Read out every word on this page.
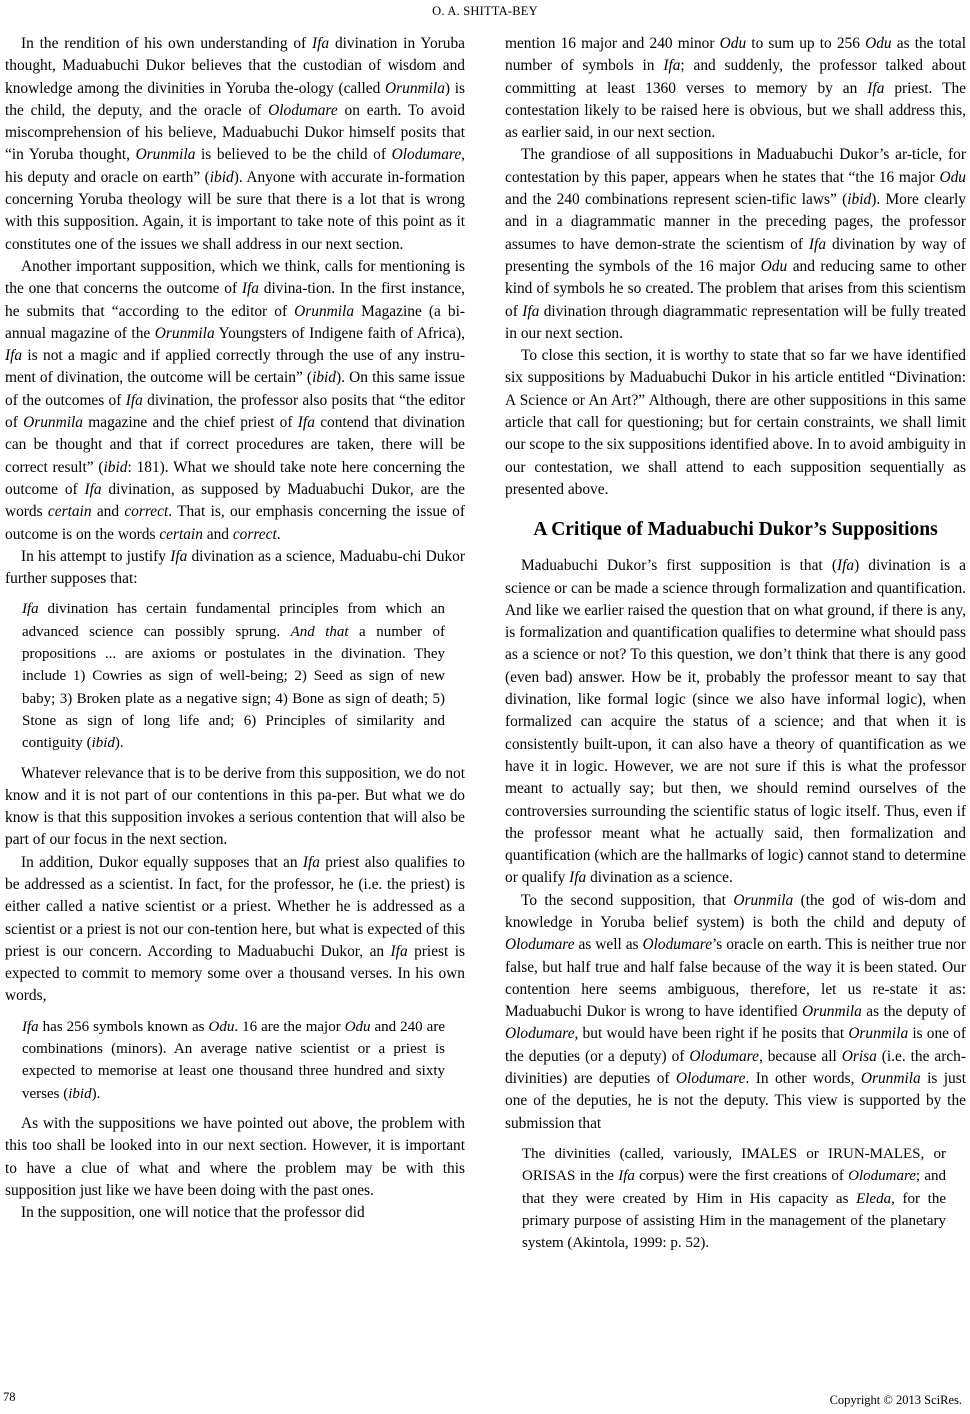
O. A. SHITTA-BEY

In the rendition of his own understanding of Ifa divination in Yoruba thought, Maduabuchi Dukor believes that the custodian of wisdom and knowledge among the divinities in Yoruba the-ology (called Orunmila) is the child, the deputy, and the oracle of Olodumare on earth. To avoid miscomprehension of his believe, Maduabuchi Dukor himself posits that “in Yoruba thought, Orunmila is believed to be the child of Olodumare, his deputy and oracle on earth” (ibid). Anyone with accurate in-formation concerning Yoruba theology will be sure that there is a lot that is wrong with this supposition. Again, it is important to take note of this point as it constitutes one of the issues we shall address in our next section.

Another important supposition, which we think, calls for mentioning is the one that concerns the outcome of Ifa divina-tion. In the first instance, he submits that “according to the editor of Orunmila Magazine (a bi-annual magazine of the Orunmila Youngsters of Indigene faith of Africa), Ifa is not a magic and if applied correctly through the use of any instru-ment of divination, the outcome will be certain” (ibid). On this same issue of the outcomes of Ifa divination, the professor also posits that “the editor of Orunmila magazine and the chief priest of Ifa contend that divination can be thought and that if correct procedures are taken, there will be correct result” (ibid: 181). What we should take note here concerning the outcome of Ifa divination, as supposed by Maduabuchi Dukor, are the words certain and correct. That is, our emphasis concerning the issue of outcome is on the words certain and correct.

In his attempt to justify Ifa divination as a science, Maduabu-chi Dukor further supposes that:

Ifa divination has certain fundamental principles from which an advanced science can possibly sprung. And that a number of propositions ... are axioms or postulates in the divination. They include 1) Cowries as sign of well-being; 2) Seed as sign of new baby; 3) Broken plate as a negative sign; 4) Bone as sign of death; 5) Stone as sign of long life and; 6) Principles of similarity and contiguity (ibid).

Whatever relevance that is to be derive from this supposition, we do not know and it is not part of our contentions in this pa-per. But what we do know is that this supposition invokes a serious contention that will also be part of our focus in the next section.

In addition, Dukor equally supposes that an Ifa priest also qualifies to be addressed as a scientist. In fact, for the professor, he (i.e. the priest) is either called a native scientist or a priest. Whether he is addressed as a scientist or a priest is not our con-tention here, but what is expected of this priest is our concern. According to Maduabuchi Dukor, an Ifa priest is expected to commit to memory some over a thousand verses. In his own words,

Ifa has 256 symbols known as Odu. 16 are the major Odu and 240 are combinations (minors). An average native scientist or a priest is expected to memorise at least one thousand three hundred and sixty verses (ibid).

As with the suppositions we have pointed out above, the problem with this too shall be looked into in our next section. However, it is important to have a clue of what and where the problem may be with this supposition just like we have been doing with the past ones.

In the supposition, one will notice that the professor did

mention 16 major and 240 minor Odu to sum up to 256 Odu as the total number of symbols in Ifa; and suddenly, the professor talked about committing at least 1360 verses to memory by an Ifa priest. The contestation likely to be raised here is obvious, but we shall address this, as earlier said, in our next section.

The grandiose of all suppositions in Maduabuchi Dukor’s ar-ticle, for contestation by this paper, appears when he states that “the 16 major Odu and the 240 combinations represent scien-tific laws” (ibid). More clearly and in a diagrammatic manner in the preceding pages, the professor assumes to have demon-strate the scientism of Ifa divination by way of presenting the symbols of the 16 major Odu and reducing same to other kind of symbols he so created. The problem that arises from this scientism of Ifa divination through diagrammatic representation will be fully treated in our next section.

To close this section, it is worthy to state that so far we have identified six suppositions by Maduabuchi Dukor in his article entitled “Divination: A Science or An Art?” Although, there are other suppositions in this same article that call for questioning; but for certain constraints, we shall limit our scope to the six suppositions identified above. In to avoid ambiguity in our contestation, we shall attend to each supposition sequentially as presented above.

A Critique of Maduabuchi Dukor’s Suppositions

Maduabuchi Dukor’s first supposition is that (Ifa) divination is a science or can be made a science through formalization and quantification. And like we earlier raised the question that on what ground, if there is any, is formalization and quantification qualifies to determine what should pass as a science or not? To this question, we don’t think that there is any good (even bad) answer. How be it, probably the professor meant to say that divination, like formal logic (since we also have informal logic), when formalized can acquire the status of a science; and that when it is consistently built-upon, it can also have a theory of quantification as we have it in logic. However, we are not sure if this is what the professor meant to actually say; but then, we should remind ourselves of the controversies surrounding the scientific status of logic itself. Thus, even if the professor meant what he actually said, then formalization and quantification (which are the hallmarks of logic) cannot stand to determine or qualify Ifa divination as a science.

To the second supposition, that Orunmila (the god of wis-dom and knowledge in Yoruba belief system) is both the child and deputy of Olodumare as well as Olodumare’s oracle on earth. This is neither true nor false, but half true and half false because of the way it is been stated. Our contention here seems ambiguous, therefore, let us re-state it as: Maduabuchi Dukor is wrong to have identified Orunmila as the deputy of Olodumare, but would have been right if he posits that Orunmila is one of the deputies (or a deputy) of Olodumare, because all Orisa (i.e. the arch-divinities) are deputies of Olodumare. In other words, Orunmila is just one of the deputies, he is not the deputy. This view is supported by the submission that

The divinities (called, variously, IMALES or IRUN-MALES, or ORISAS in the Ifa corpus) were the first creations of Olodumare; and that they were created by Him in His capacity as Eleda, for the primary purpose of assisting Him in the management of the planetary system (Akintola, 1999: p. 52).

78	Copyright © 2013 SciRes.
